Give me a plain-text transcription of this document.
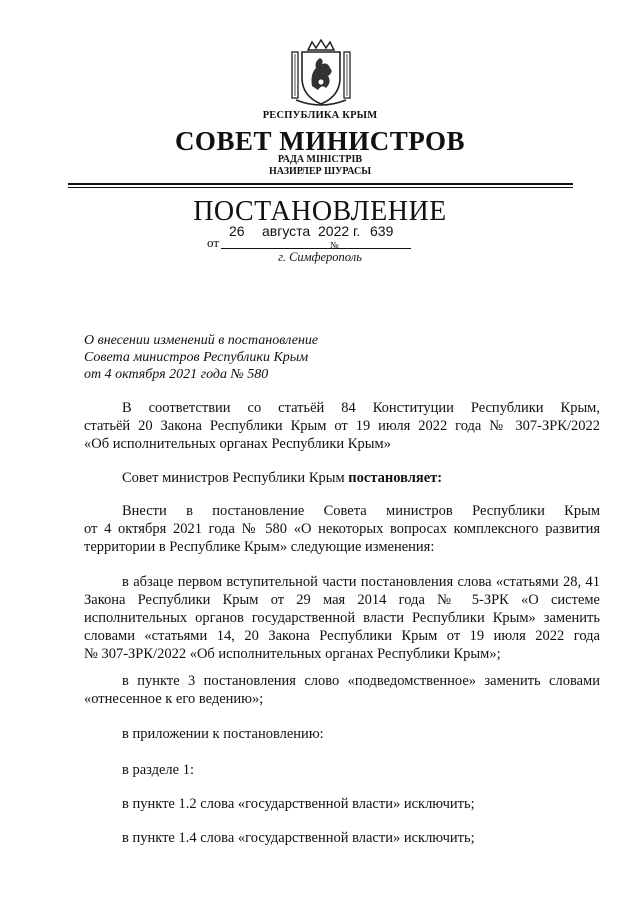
РЕСПУБЛИКА КРЫМ
СОВЕТ МИНИСТРОВ
РАДА МІНІСТРІВ
НАЗИРЛЕР ШУРАСЫ
ПОСТАНОВЛЕНИЕ
от
26 августа 2022 г.
№
639
г. Симферополь
О внесении изменений в постановление
Совета министров Республики Крым
от 4 октября 2021 года № 580
В соответствии со статьёй 84 Конституции Республики Крым,
статьёй 20 Закона Республики Крым от 19 июля 2022 года № 307-ЗРК/2022
«Об исполнительных органах Республики Крым»
Совет министров Республики Крым постановляет:
Внести в постановление Совета министров Республики Крым
от 4 октября 2021 года № 580 «О некоторых вопросах комплексного развития
территории в Республике Крым» следующие изменения:
в абзаце первом вступительной части постановления слова «статьями 28, 41
Закона Республики Крым от 29 мая 2014 года № 5-ЗРК «О системе
исполнительных органов государственной власти Республики Крым» заменить
словами «статьями 14, 20 Закона Республики Крым от 19 июля 2022 года
№ 307-ЗРК/2022 «Об исполнительных органах Республики Крым»;
в пункте 3 постановления слово «подведомственное» заменить словами
«отнесенное к его ведению»;
в приложении к постановлению:
в разделе 1:
в пункте 1.2 слова «государственной власти» исключить;
в пункте 1.4 слова «государственной власти» исключить;
